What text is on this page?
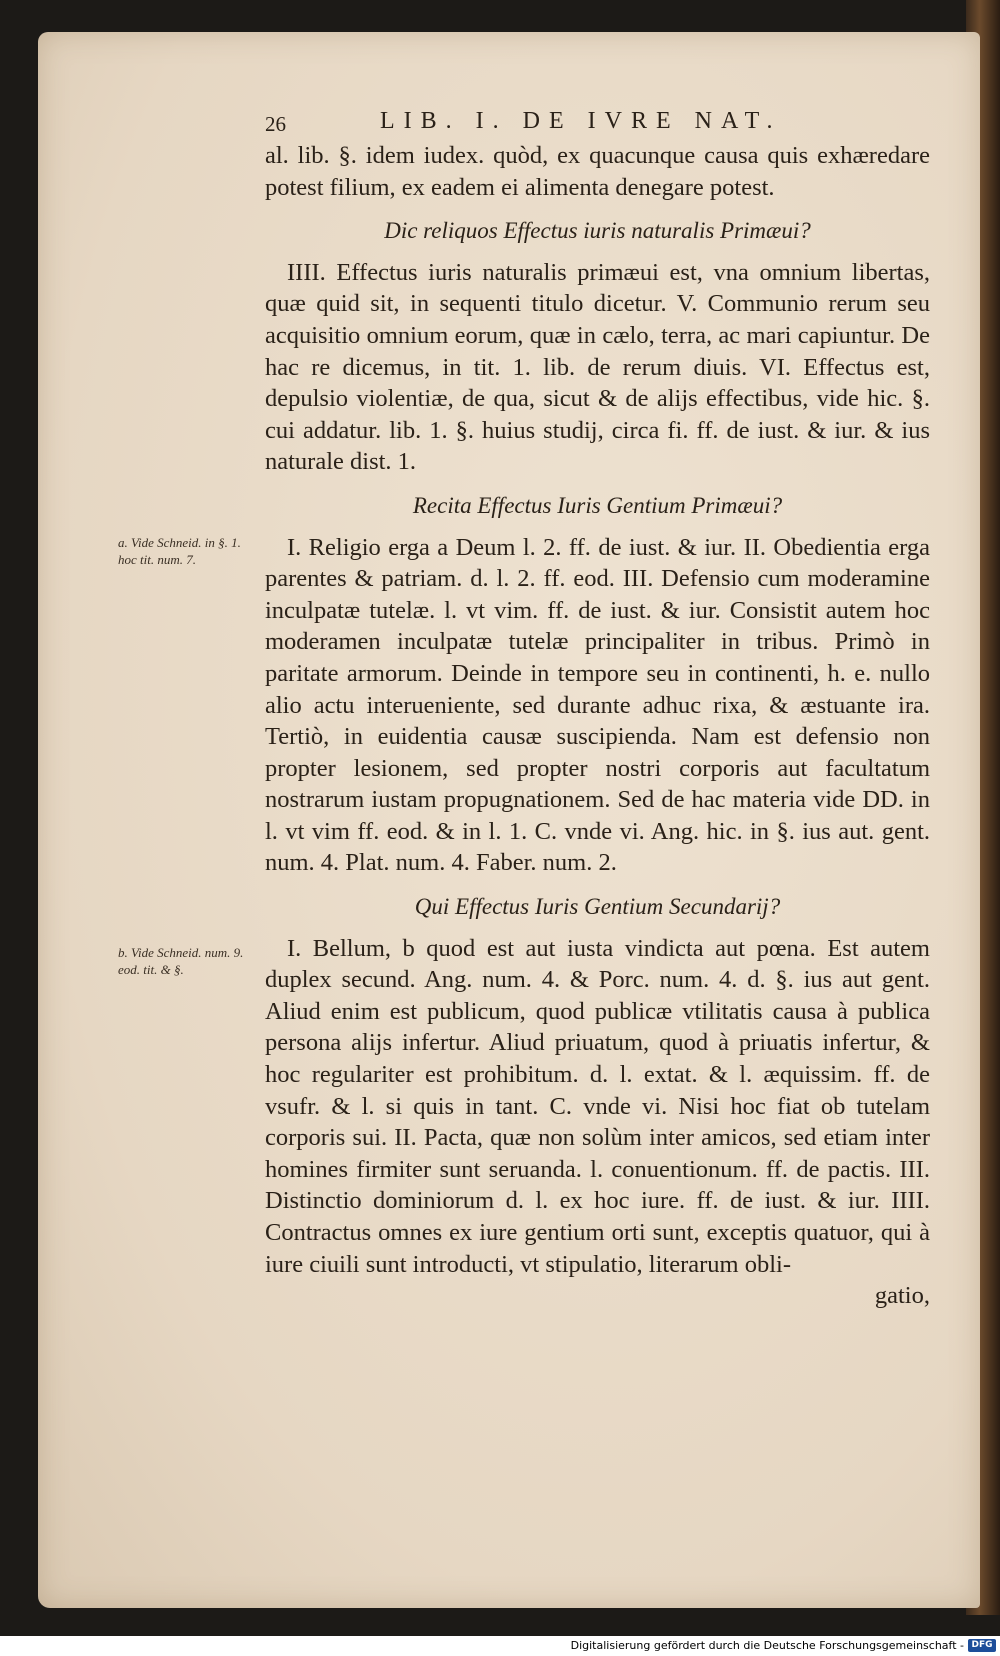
26	LIB. I. DE IVRE NAT.

al. lib. §. idem iudex. quòd, ex quacunque causa quis exhæredare potest filium, ex eadem ei alimenta denegare potest.

Dic reliquos Effectus iuris naturalis Primæui?

IIII. Effectus iuris naturalis primæui est, vna omnium libertas, quæ quid sit, in sequenti titulo dicetur. V. Communio rerum seu acquisitio omnium eorum, quæ in cælo, terra, ac mari capiuntur. De hac re dicemus, in tit. 1. lib. de rerum diuis. VI. Effectus est, depulsio violentiæ, de qua, sicut & de alijs effectibus, vide hic. §. cui addatur. lib. 1. §. huius studij, circa fi. ff. de iust. & iur. & ius naturale dist. 1.

Recita Effectus Iuris Gentium Primæui?

I. Religio erga a Deum l. 2. ff. de iust. & iur. II. Obedientia erga parentes & patriam. d. l. 2. ff. eod. III. Defensio cum moderamine inculpatæ tutelæ. l. vt vim. ff. de iust. & iur. Consistit autem hoc moderamen inculpatæ tutelæ principaliter in tribus. Primò in paritate armorum. Deinde in tempore seu in continenti, h. e. nullo alio actu interueniente, sed durante adhuc rixa, & æstuante ira. Tertiò, in euidentia causæ suscipienda. Nam est defensio non propter lesionem, sed propter nostri corporis aut facultatum nostrarum iustam propugnationem. Sed de hac materia vide DD. in l. vt vim ff. eod. & in l. 1. C. vnde vi. Ang. hic. in §. ius aut. gent. num. 4. Plat. num. 4. Faber. num. 2.

Qui Effectus Iuris Gentium Secundarij?

I. Bellum, b quod est aut iusta vindicta aut pœna. Est autem duplex secund. Ang. num. 4. & Porc. num. 4. d. §. ius aut gent. Aliud enim est publicum, quod publicæ vtilitatis causa à publica persona alijs infertur. Aliud priuatum, quod à priuatis infertur, & hoc regulariter est prohibitum. d. l. extat. & l. æquissim. ff. de vsufr. & l. si quis in tant. C. vnde vi. Nisi hoc fiat ob tutelam corporis sui. II. Pacta, quæ non solùm inter amicos, sed etiam inter homines firmiter sunt seruanda. l. conuentionum. ff. de pactis. III. Distinctio dominiorum d. l. ex hoc iure. ff. de iust. & iur. IIII. Contractus omnes ex iure gentium orti sunt, exceptis quatuor, qui à iure ciuili sunt introducti, vt stipulatio, literarum obli-

gatio,

a. Vide Schneid. in §. 1. hoc tit. num. 7.
b. Vide Schneid. num. 9. eod. tit. & §.
Digitalisierung gefördert durch die Deutsche Forschungsgemeinschaft - DFG
